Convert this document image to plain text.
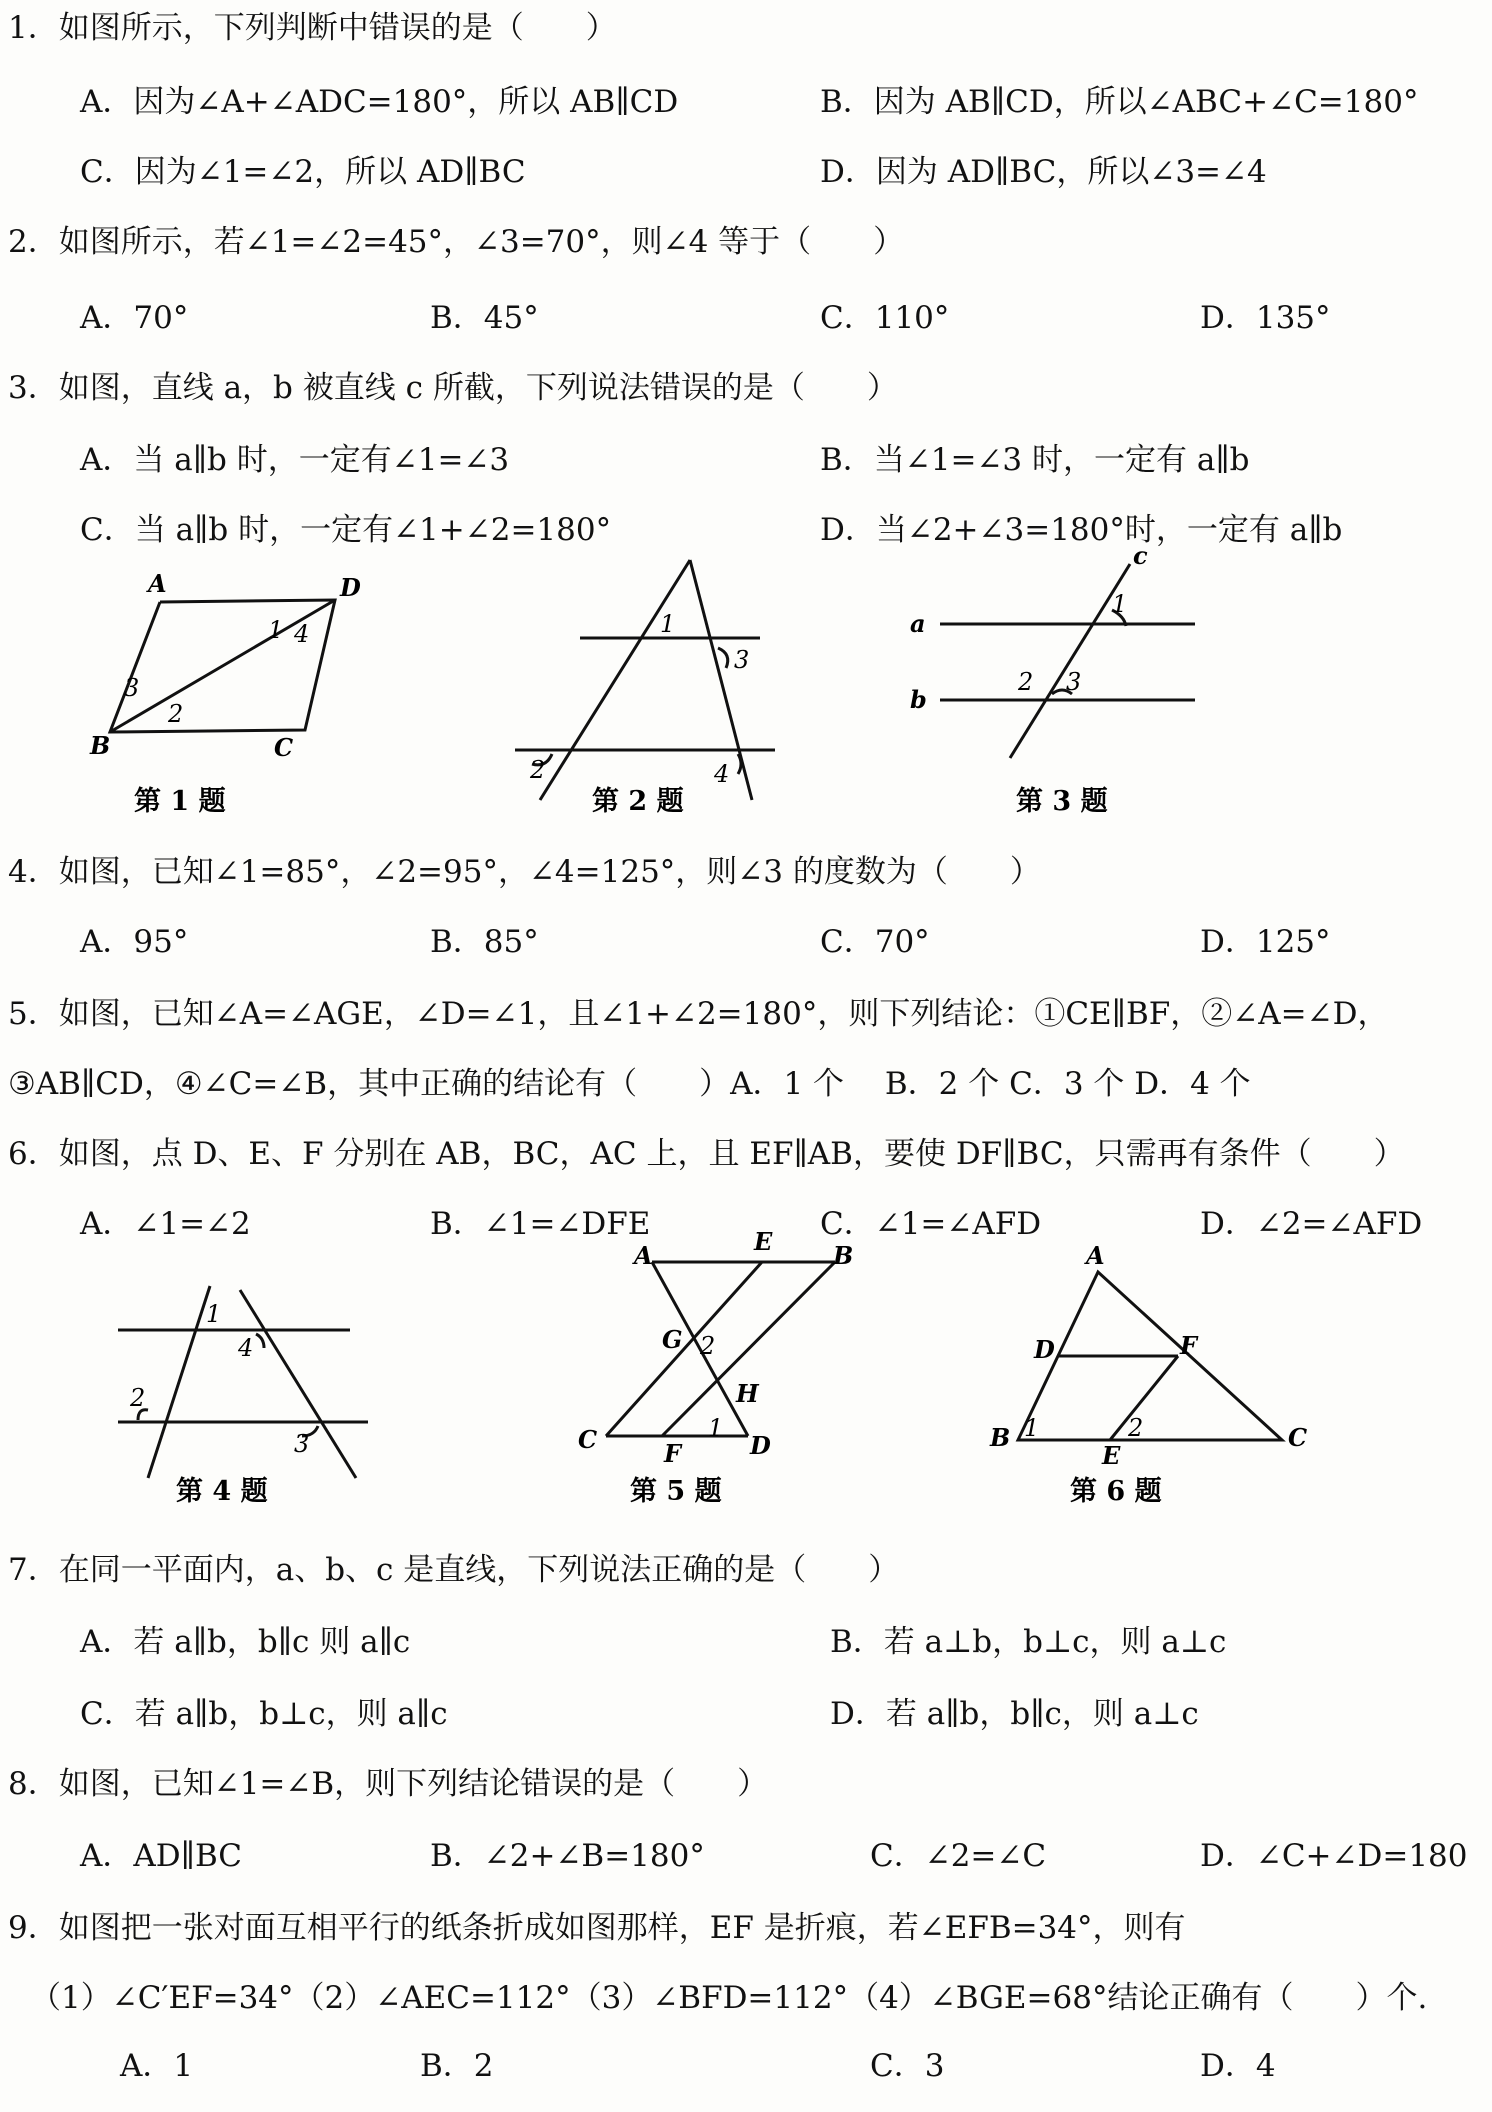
1．如图所示，下列判断中错误的是（　　）
A．因为∠A+∠ADC=180°，所以 AB∥CD	B．因为 AB∥CD，所以∠ABC+∠C=180°
C．因为∠1=∠2，所以 AD∥BC	D．因为 AD∥BC，所以∠3=∠4
2．如图所示，若∠1=∠2=45°，∠3=70°，则∠4 等于（　　）
A．70°	B．45°	C．110°	D．135°
3．如图，直线 a，b 被直线 c 所截，下列说法错误的是（　　）
A．当 a∥b 时，一定有∠1=∠3	B．当∠1=∠3 时，一定有 a∥b
C．当 a∥b 时，一定有∠1+∠2=180°	D．当∠2+∠3=180°时，一定有 a∥b
A	D
B	C
1
2
3
4
第 1 题
1
2
3
4
第 2 题
a
b
c
1
2 3
第 3 题
4．如图，已知∠1=85°，∠2=95°，∠4=125°，则∠3 的度数为（　　）
A．95°	B．85°	C．70°	D．125°
5．如图，已知∠A=∠AGE，∠D=∠1，且∠1+∠2=180°，则下列结论：①CE∥BF，②∠A=∠D，
③AB∥CD，④∠C=∠B，其中正确的结论有（　　）A．1 个　 B．2 个 C．3 个 D．4 个
6．如图，点 D、E、F 分别在 AB，BC，AC 上，且 EF∥AB，要使 DF∥BC，只需再有条件（　　）
A．∠1=∠2	B．∠1=∠DFE	C．∠1=∠AFD	D．∠2=∠AFD
1
2
3
4
第 4 题
A	B
C	D
E
F
G
H
1
2
第 5 题
A
B	C
D
E
F
1	2
第 6 题
7．在同一平面内，a、b、c 是直线，下列说法正确的是（　　）
A．若 a∥b，b∥c 则 a∥c	B．若 a⊥b，b⊥c，则 a⊥c
C．若 a∥b，b⊥c，则 a∥c	D．若 a∥b，b∥c，则 a⊥c
8．如图，已知∠1=∠B，则下列结论错误的是（　　）
A．AD∥BC	B．∠2+∠B=180°	C．∠2=∠C	D．∠C+∠D=180
9．如图把一张对面互相平行的纸条折成如图那样，EF 是折痕，若∠EFB=34°，则有
（1）∠C′EF=34°（2）∠AEC=112°（3）∠BFD=112°（4）∠BGE=68°结论正确有（　　）个.
A．1	B．2	C．3	D．4
